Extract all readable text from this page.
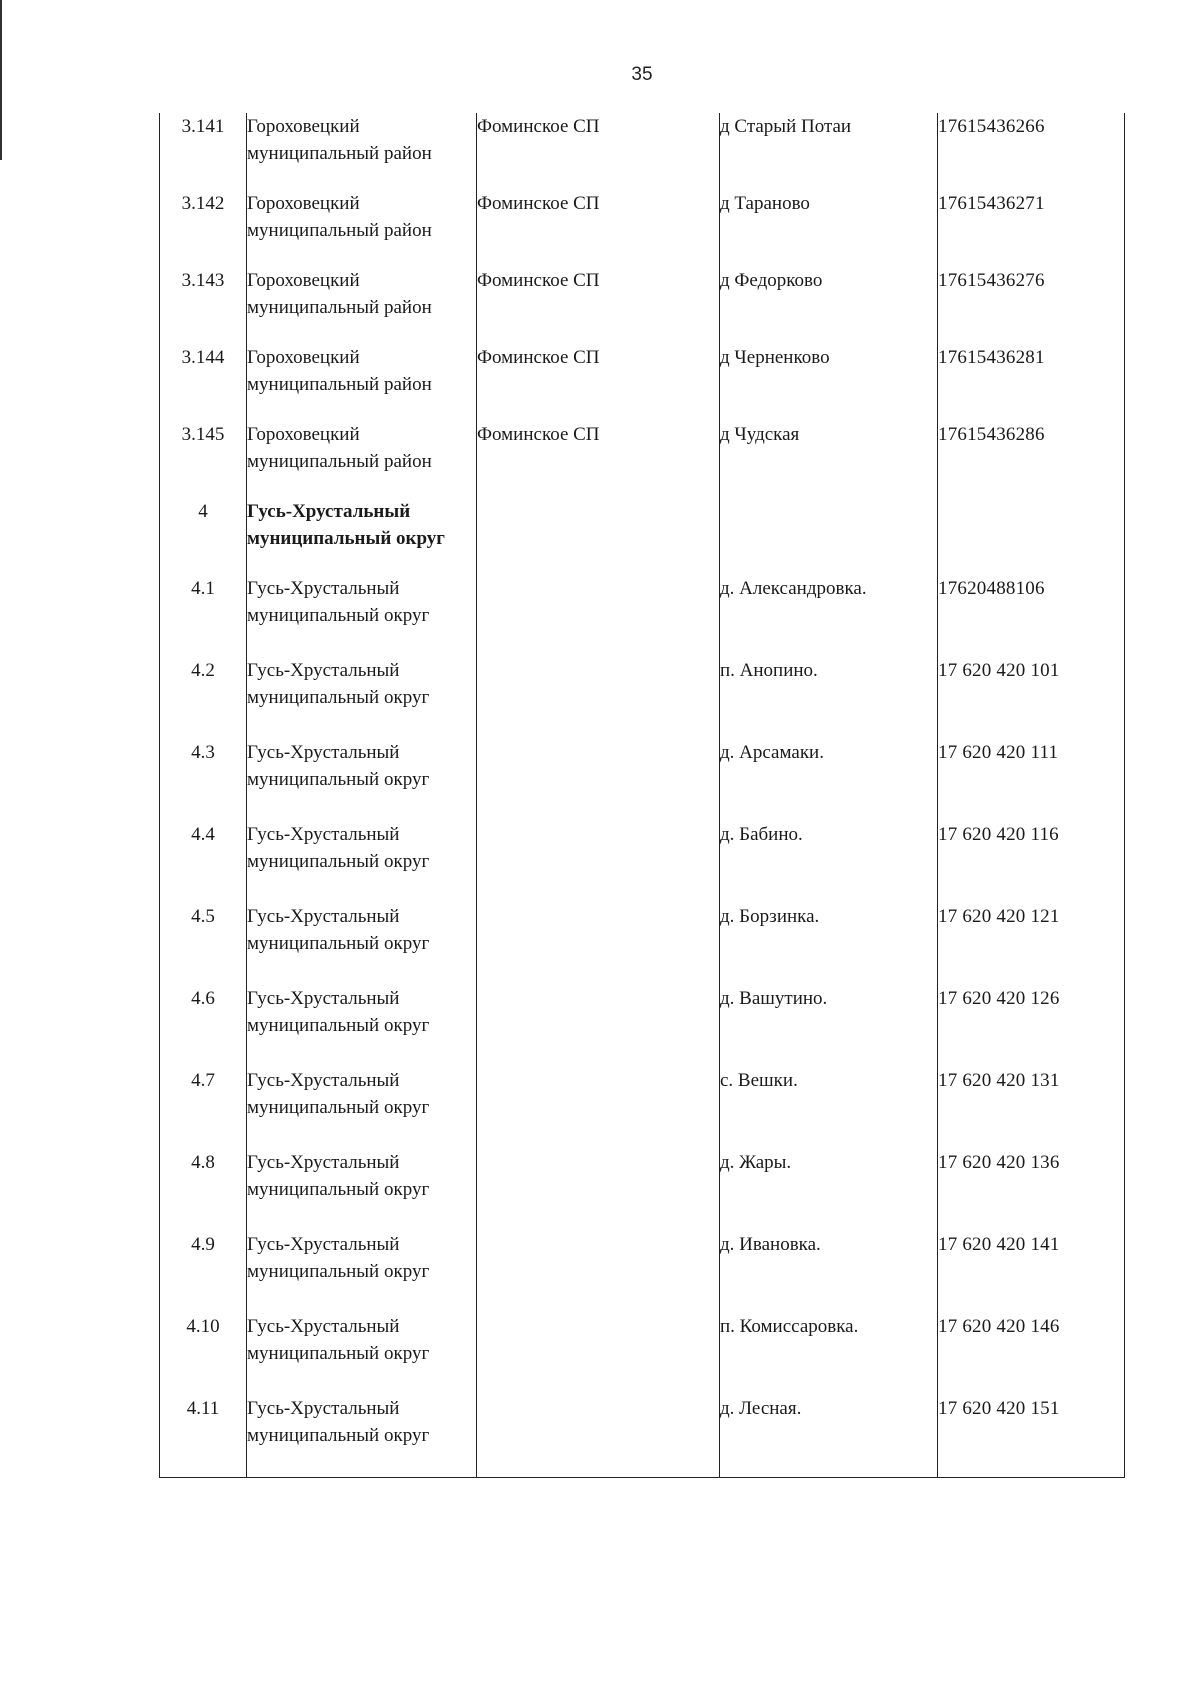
35
3.141	Гороховецкий муниципальный район	Фоминское СП	д Старый Потаи	17615436266
3.142	Гороховецкий муниципальный район	Фоминское СП	д Тараново	17615436271
3.143	Гороховецкий муниципальный район	Фоминское СП	д Федорково	17615436276
3.144	Гороховецкий муниципальный район	Фоминское СП	д Черненково	17615436281
3.145	Гороховецкий муниципальный район	Фоминское СП	д Чудская	17615436286
4	Гусь-Хрустальный муниципальный округ			
4.1	Гусь-Хрустальный муниципальный округ		д. Александровка.	17620488106
4.2	Гусь-Хрустальный муниципальный округ		п. Анопино.	17 620 420 101
4.3	Гусь-Хрустальный муниципальный округ		д. Арсамаки.	17 620 420 111
4.4	Гусь-Хрустальный муниципальный округ		д. Бабино.	17 620 420 116
4.5	Гусь-Хрустальный муниципальный округ		д. Борзинка.	17 620 420 121
4.6	Гусь-Хрустальный муниципальный округ		д. Вашутино.	17 620 420 126
4.7	Гусь-Хрустальный муниципальный округ		с. Вешки.	17 620 420 131
4.8	Гусь-Хрустальный муниципальный округ		д. Жары.	17 620 420 136
4.9	Гусь-Хрустальный муниципальный округ		д. Ивановка.	17 620 420 141
4.10	Гусь-Хрустальный муниципальный округ		п. Комиссаровка.	17 620 420 146
4.11	Гусь-Хрустальный муниципальный округ		д. Лесная.	17 620 420 151
